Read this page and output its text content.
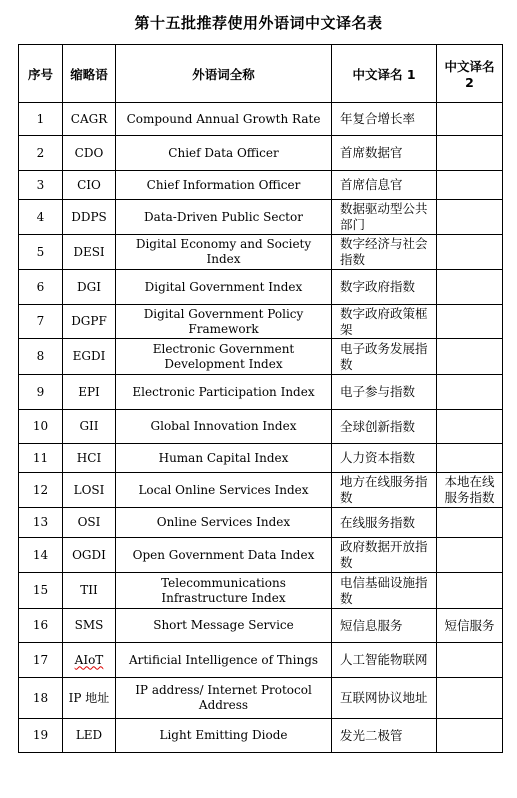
第十五批推荐使用外语词中文译名表
序号	缩略语	外语词全称	中文译名 1	中文译名 2
1	CAGR	Compound Annual Growth Rate	年复合增长率	
2	CDO	Chief Data Officer	首席数据官	
3	CIO	Chief Information Officer	首席信息官	
4	DDPS	Data-Driven Public Sector	数据驱动型公共部门	
5	DESI	Digital Economy and Society Index	数字经济与社会指数	
6	DGI	Digital Government Index	数字政府指数	
7	DGPF	Digital Government Policy Framework	数字政府政策框架	
8	EGDI	Electronic Government Development Index	电子政务发展指数	
9	EPI	Electronic Participation Index	电子参与指数	
10	GII	Global Innovation Index	全球创新指数	
11	HCI	Human Capital Index	人力资本指数	
12	LOSI	Local Online Services Index	地方在线服务指数	本地在线服务指数
13	OSI	Online Services Index	在线服务指数	
14	OGDI	Open Government Data Index	政府数据开放指数	
15	TII	Telecommunications Infrastructure Index	电信基础设施指数	
16	SMS	Short Message Service	短信息服务	短信服务
17	AIoT	Artificial Intelligence of Things	人工智能物联网	
18	IP 地址	IP address/ Internet Protocol Address	互联网协议地址	
19	LED	Light Emitting Diode	发光二极管	
